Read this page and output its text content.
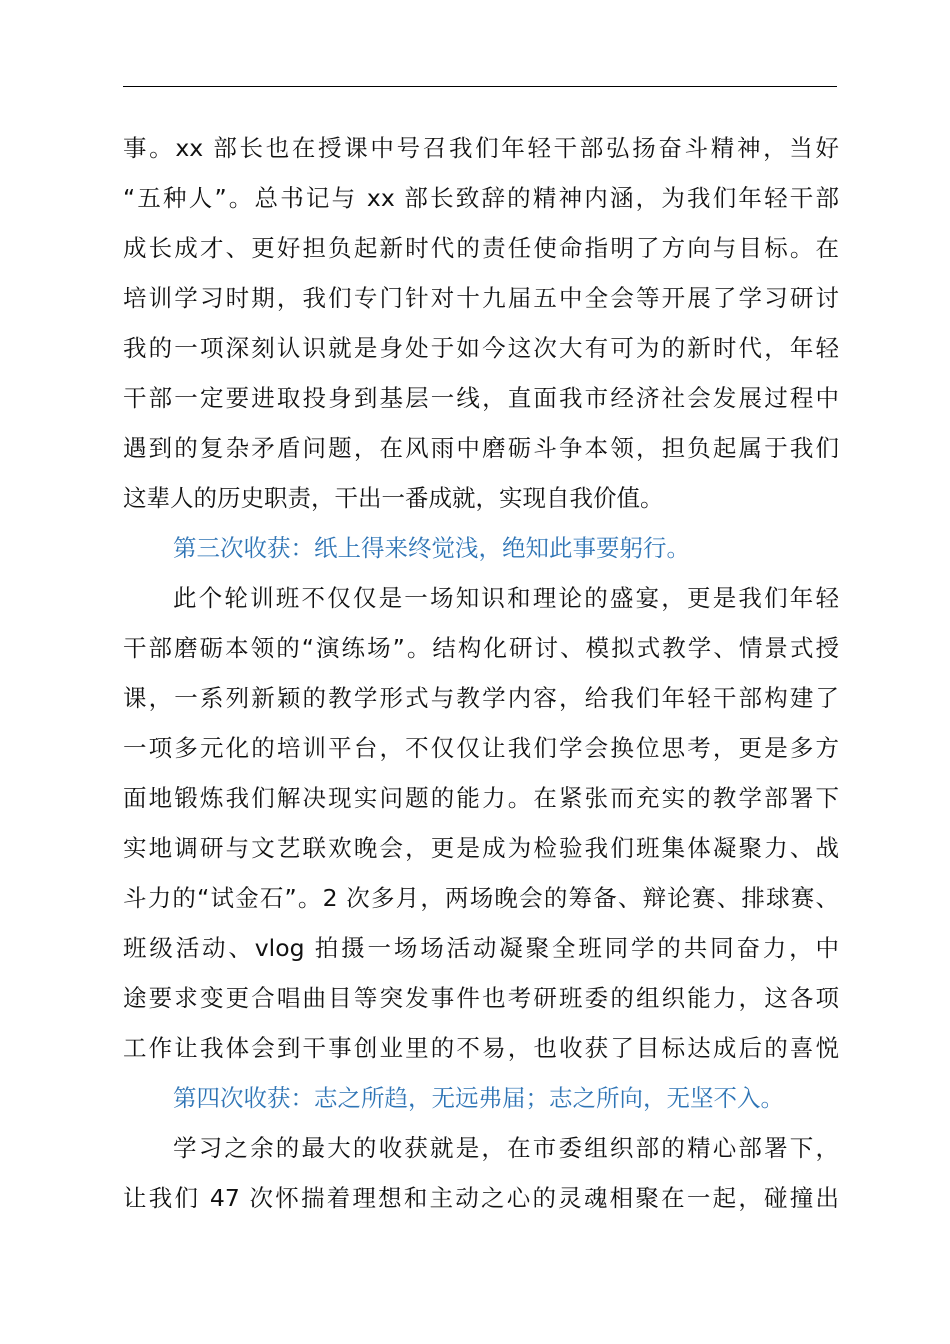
事。xx 部长也在授课中号召我们年轻干部弘扬奋斗精神，当好
“五种人”。总书记与 xx 部长致辞的精神内涵，为我们年轻干部
成长成才、更好担负起新时代的责任使命指明了方向与目标。在
培训学习时期，我们专门针对十九届五中全会等开展了学习研讨
我的一项深刻认识就是身处于如今这次大有可为的新时代，年轻
干部一定要进取投身到基层一线，直面我市经济社会发展过程中
遇到的复杂矛盾问题，在风雨中磨砺斗争本领，担负起属于我们
这辈人的历史职责，干出一番成就，实现自我价值。
第三次收获：纸上得来终觉浅，绝知此事要躬行。
此个轮训班不仅仅是一场知识和理论的盛宴，更是我们年轻
干部磨砺本领的“演练场”。结构化研讨、模拟式教学、情景式授
课，一系列新颖的教学形式与教学内容，给我们年轻干部构建了
一项多元化的培训平台，不仅仅让我们学会换位思考，更是多方
面地锻炼我们解决现实问题的能力。在紧张而充实的教学部署下
实地调研与文艺联欢晚会，更是成为检验我们班集体凝聚力、战
斗力的“试金石”。2 次多月，两场晚会的筹备、辩论赛、排球赛、
班级活动、vlog 拍摄一场场活动凝聚全班同学的共同奋力，中
途要求变更合唱曲目等突发事件也考研班委的组织能力，这各项
工作让我体会到干事创业里的不易，也收获了目标达成后的喜悦
第四次收获：志之所趋，无远弗届；志之所向，无坚不入。
学习之余的最大的收获就是，在市委组织部的精心部署下，
让我们 47 次怀揣着理想和主动之心的灵魂相聚在一起，碰撞出
